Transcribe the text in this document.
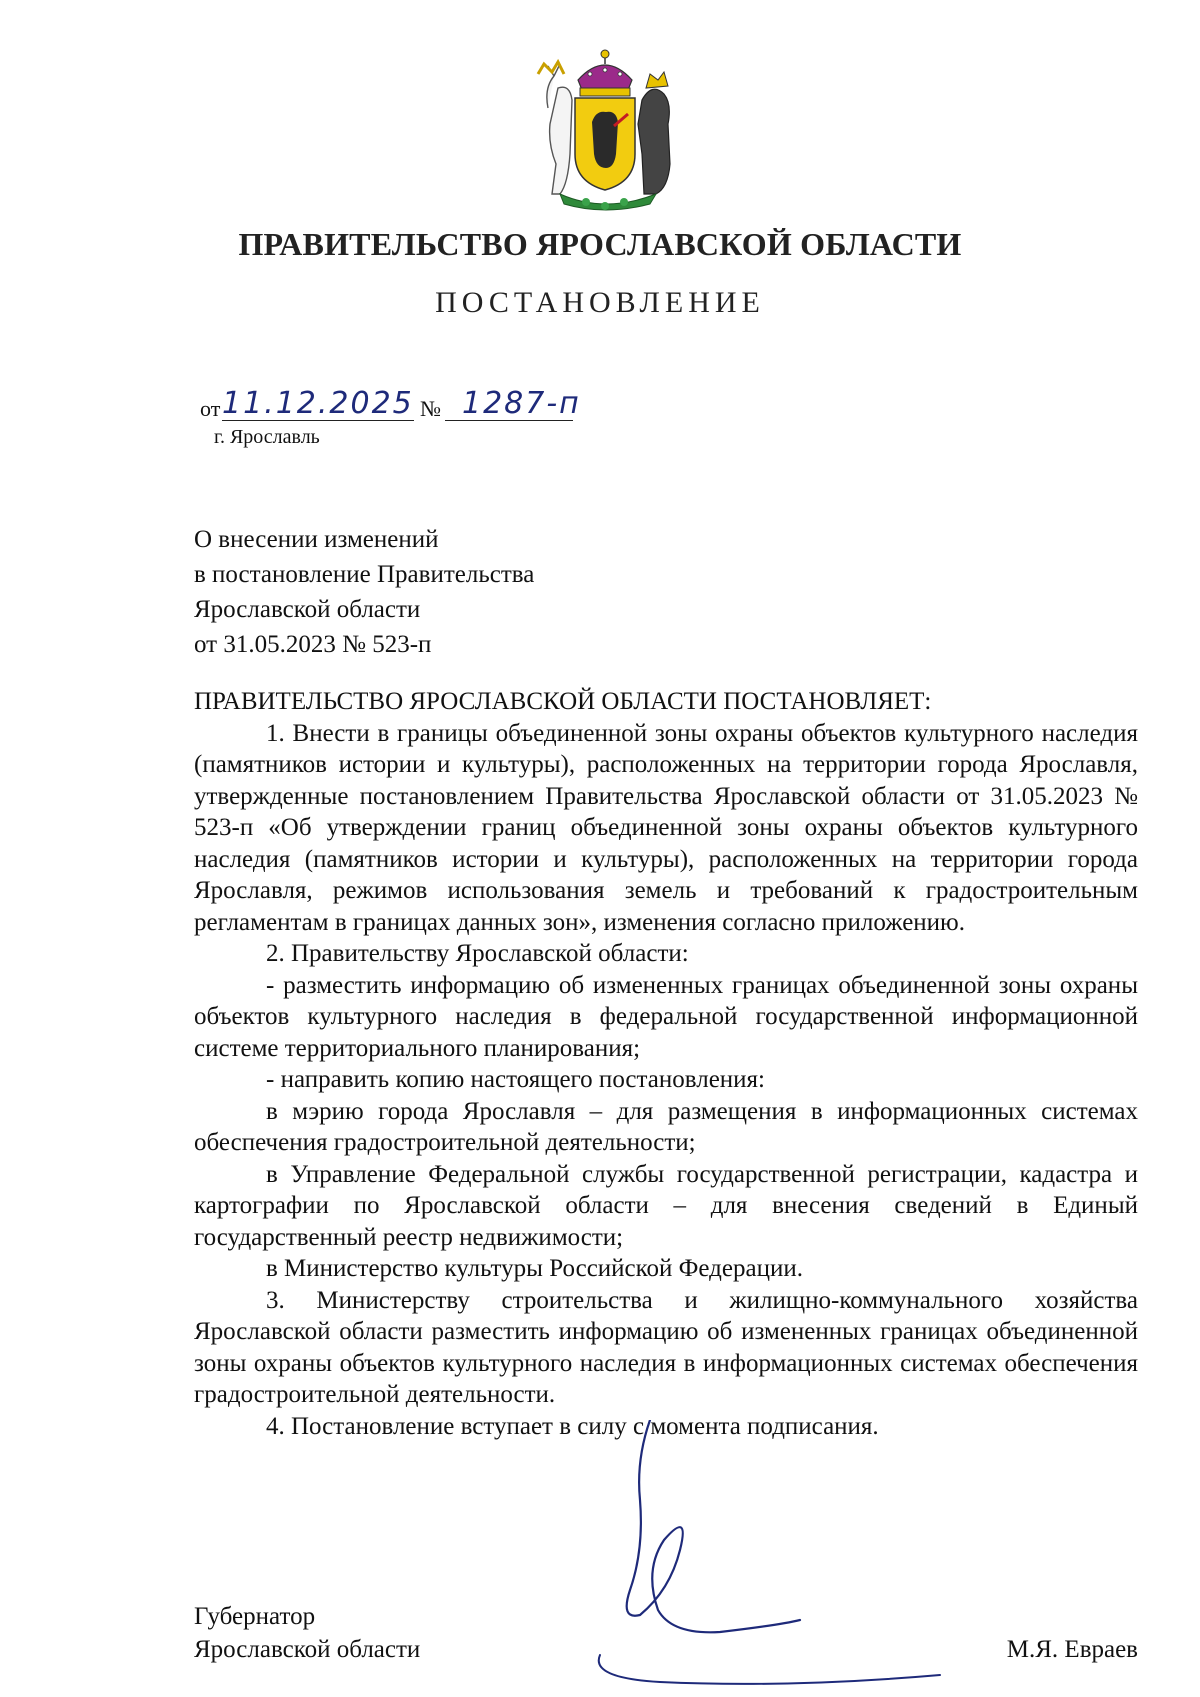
ПРАВИТЕЛЬСТВО ЯРОСЛАВСКОЙ ОБЛАСТИ
ПОСТАНОВЛЕНИЕ
от 11.12.2025 № 1287-п
г. Ярославль
О внесении изменений
в постановление Правительства
Ярославской области
от 31.05.2023 № 523-п

ПРАВИТЕЛЬСТВО ЯРОСЛАВСКОЙ ОБЛАСТИ ПОСТАНОВЛЯЕТ:

1. Внести в границы объединенной зоны охраны объектов культурного наследия (памятников истории и культуры), расположенных на территории города Ярославля, утвержденные постановлением Правительства Ярославской области от 31.05.2023 № 523-п «Об утверждении границ объединенной зоны охраны объектов культурного наследия (памятников истории и культуры), расположенных на территории города Ярославля, режимов использования земель и требований к градостроительным регламентам в границах данных зон», изменения согласно приложению.

2. Правительству Ярославской области:

- разместить информацию об измененных границах объединенной зоны охраны объектов культурного наследия в федеральной государственной информационной системе территориального планирования;

- направить копию настоящего постановления:

в мэрию города Ярославля – для размещения в информационных системах обеспечения градостроительной деятельности;

в Управление Федеральной службы государственной регистрации, кадастра и картографии по Ярославской области – для внесения сведений в Единый государственный реестр недвижимости;

в Министерство культуры Российской Федерации.

3. Министерству строительства и жилищно-коммунального хозяйства Ярославской области разместить информацию об измененных границах объединенной зоны охраны объектов культурного наследия в информационных системах обеспечения градостроительной деятельности.

4. Постановление вступает в силу с момента подписания.

Губернатор
Ярославской области	М.Я. Евраев
